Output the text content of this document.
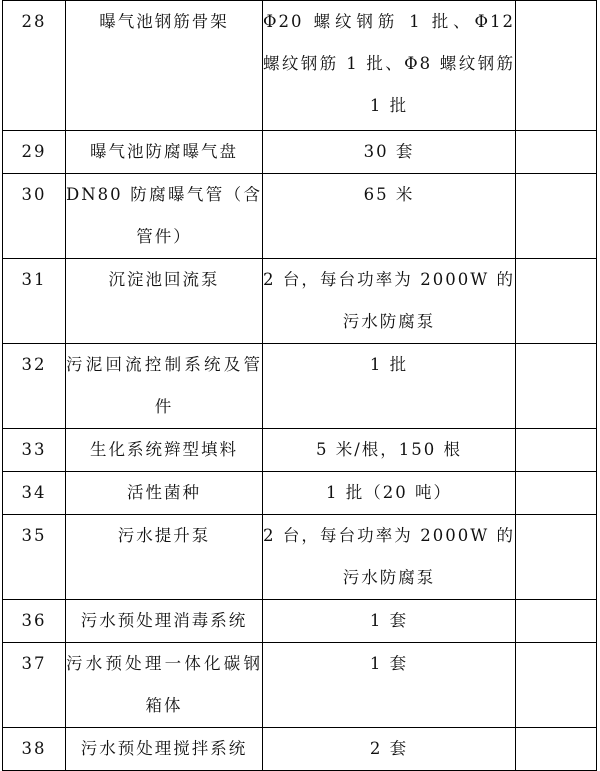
28	曝气池钢筋骨架	Φ20 螺纹钢筋 1 批、Φ12 螺纹钢筋 1 批、Φ8 螺纹钢筋 1 批	
29	曝气池防腐曝气盘	30 套	
30	DN80 防腐曝气管（含管件）	65 米	
31	沉淀池回流泵	2 台，每台功率为 2000W 的污水防腐泵	
32	污泥回流控制系统及管件	1 批	
33	生化系统辫型填料	5 米/根，150 根	
34	活性菌种	1 批（20 吨）	
35	污水提升泵	2 台，每台功率为 2000W 的污水防腐泵	
36	污水预处理消毒系统	1 套	
37	污水预处理一体化碳钢箱体	1 套	
38	污水预处理搅拌系统	2 套	
